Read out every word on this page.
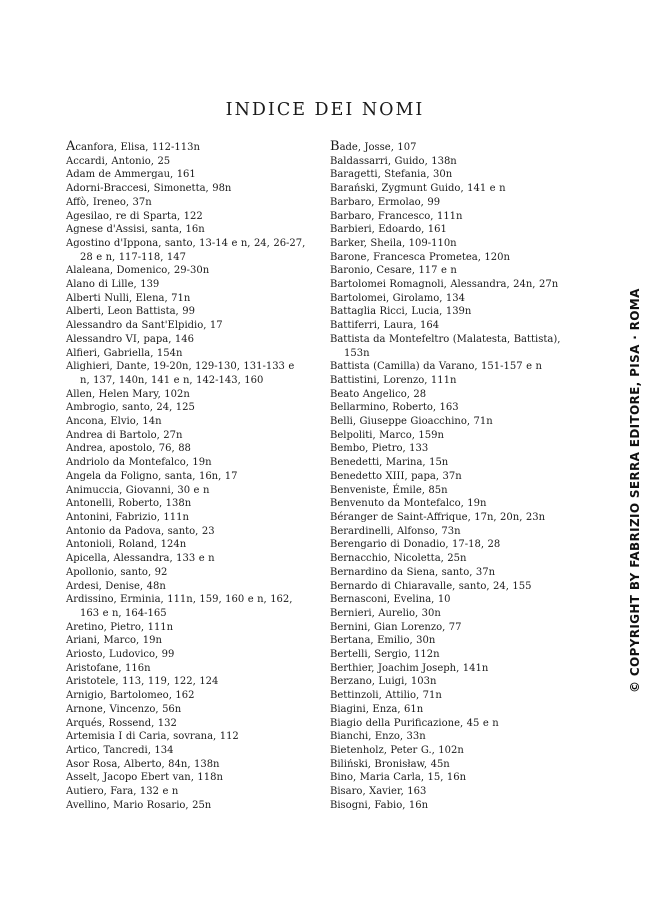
INDICE DEI NOMI
Acanfora, Elisa, 112-113n
Accardi, Antonio, 25
Adam de Ammergau, 161
Adorni-Braccesi, Simonetta, 98n
Affò, Ireneo, 37n
Agesilao, re di Sparta, 122
Agnese d'Assisi, santa, 16n
Agostino d'Ippona, santo, 13-14 e n, 24, 26-27, 28 e n, 117-118, 147
Alaleana, Domenico, 29-30n
Alano di Lille, 139
Alberti Nulli, Elena, 71n
Alberti, Leon Battista, 99
Alessandro da Sant'Elpidio, 17
Alessandro VI, papa, 146
Alfieri, Gabriella, 154n
Alighieri, Dante, 19-20n, 129-130, 131-133 e n, 137, 140n, 141 e n, 142-143, 160
Allen, Helen Mary, 102n
Ambrogio, santo, 24, 125
Ancona, Elvio, 14n
Andrea di Bartolo, 27n
Andrea, apostolo, 76, 88
Andriolo da Montefalco, 19n
Angela da Foligno, santa, 16n, 17
Animuccia, Giovanni, 30 e n
Antonelli, Roberto, 138n
Antonini, Fabrizio, 111n
Antonio da Padova, santo, 23
Antonioli, Roland, 124n
Apicella, Alessandra, 133 e n
Apollonio, santo, 92
Ardesi, Denise, 48n
Ardissino, Erminia, 111n, 159, 160 e n, 162, 163 e n, 164-165
Aretino, Pietro, 111n
Ariani, Marco, 19n
Ariosto, Ludovico, 99
Aristofane, 116n
Aristotele, 113, 119, 122, 124
Arnigio, Bartolomeo, 162
Arnone, Vincenzo, 56n
Arqués, Rossend, 132
Artemisia I di Caria, sovrana, 112
Artico, Tancredi, 134
Asor Rosa, Alberto, 84n, 138n
Asselt, Jacopo Ebert van, 118n
Autiero, Fara, 132 e n
Avellino, Mario Rosario, 25n
Bade, Josse, 107
Baldassarri, Guido, 138n
Baragetti, Stefania, 30n
Barański, Zygmunt Guido, 141 e n
Barbaro, Ermolao, 99
Barbaro, Francesco, 111n
Barbieri, Edoardo, 161
Barker, Sheila, 109-110n
Barone, Francesca Prometea, 120n
Baronio, Cesare, 117 e n
Bartolomei Romagnoli, Alessandra, 24n, 27n
Bartolomei, Girolamo, 134
Battaglia Ricci, Lucia, 139n
Battiferri, Laura, 164
Battista da Montefeltro (Malatesta, Battista), 153n
Battista (Camilla) da Varano, 151-157 e n
Battistini, Lorenzo, 111n
Beato Angelico, 28
Bellarmino, Roberto, 163
Belli, Giuseppe Gioacchino, 71n
Belpoliti, Marco, 159n
Bembo, Pietro, 133
Benedetti, Marina, 15n
Benedetto XIII, papa, 37n
Benveniste, Émile, 85n
Benvenuto da Montefalco, 19n
Béranger de Saint-Affrique, 17n, 20n, 23n
Berardinelli, Alfonso, 73n
Berengario di Donadio, 17-18, 28
Bernacchio, Nicoletta, 25n
Bernardino da Siena, santo, 37n
Bernardo di Chiaravalle, santo, 24, 155
Bernasconi, Evelina, 10
Bernieri, Aurelio, 30n
Bernini, Gian Lorenzo, 77
Bertana, Emilio, 30n
Bertelli, Sergio, 112n
Berthier, Joachim Joseph, 141n
Berzano, Luigi, 103n
Bettinzoli, Attilio, 71n
Biagini, Enza, 61n
Biagio della Purificazione, 45 e n
Bianchi, Enzo, 33n
Bietenholz, Peter G., 102n
Biliński, Bronisław, 45n
Bino, Maria Carla, 15, 16n
Bisaro, Xavier, 163
Bisogni, Fabio, 16n
© COPYRIGHT BY FABRIZIO SERRA EDITORE, PISA · ROMA
